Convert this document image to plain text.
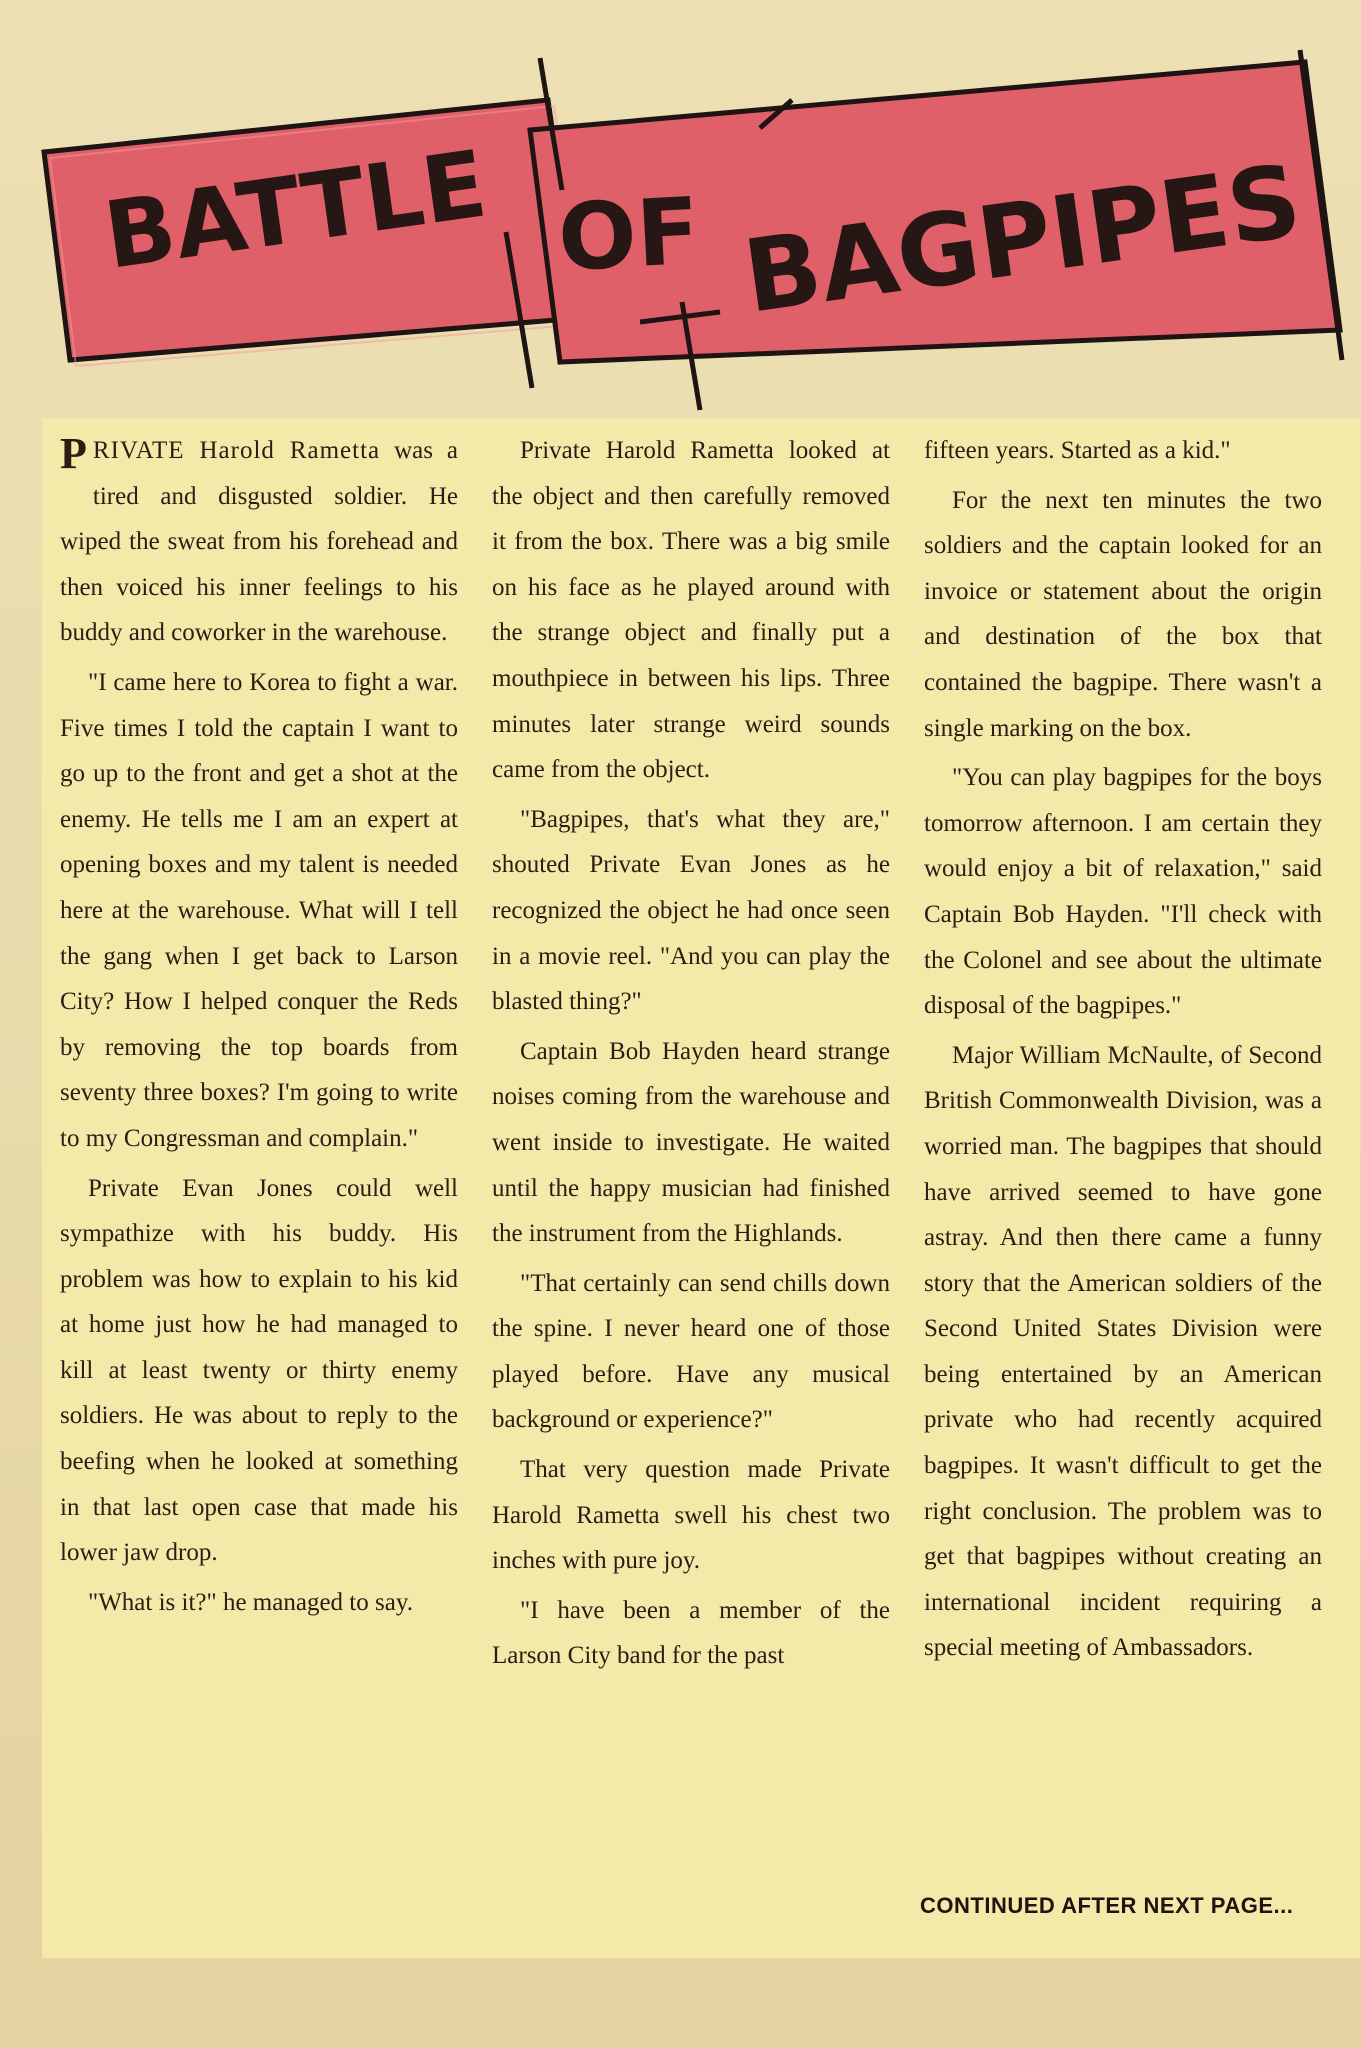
BATTLE OF BAGPIPES

P RIVATE Harold Rametta was a tired and disgusted soldier. He wiped the sweat from his forehead and then voiced his inner feelings to his buddy and coworker in the warehouse.

"I came here to Korea to fight a war. Five times I told the captain I want to go up to the front and get a shot at the enemy. He tells me I am an expert at opening boxes and my talent is needed here at the warehouse. What will I tell the gang when I get back to Larson City? How I helped conquer the Reds by removing the top boards from seventy three boxes? I'm going to write to my Congressman and complain."

Private Evan Jones could well sympathize with his buddy. His problem was how to explain to his kid at home just how he had managed to kill at least twenty or thirty enemy soldiers. He was about to reply to the beefing when he looked at something in that last open case that made his lower jaw drop.

"What is it?" he managed to say.

Private Harold Rametta looked at the object and then carefully removed it from the box. There was a big smile on his face as he played around with the strange object and finally put a mouthpiece in between his lips. Three minutes later strange weird sounds came from the object.

"Bagpipes, that's what they are," shouted Private Evan Jones as he recognized the object he had once seen in a movie reel. "And you can play the blasted thing?"

Captain Bob Hayden heard strange noises coming from the warehouse and went inside to investigate. He waited until the happy musician had finished the instrument from the Highlands.

"That certainly can send chills down the spine. I never heard one of those played before. Have any musical background or experience?"

That very question made Private Harold Rametta swell his chest two inches with pure joy.

"I have been a member of the Larson City band for the past

fifteen years. Started as a kid."

For the next ten minutes the two soldiers and the captain looked for an invoice or statement about the origin and destination of the box that contained the bagpipe. There wasn't a single marking on the box.

"You can play bagpipes for the boys tomorrow afternoon. I am certain they would enjoy a bit of relaxation," said Captain Bob Hayden. "I'll check with the Colonel and see about the ultimate disposal of the bagpipes."

Major William McNaulte, of Second British Commonwealth Division, was a worried man. The bagpipes that should have arrived seemed to have gone astray. And then there came a funny story that the American soldiers of the Second United States Division were being entertained by an American private who had recently acquired bagpipes. It wasn't difficult to get the right conclusion. The problem was to get that bagpipes without creating an international incident requiring a special meeting of Ambassadors.

CONTINUED AFTER NEXT PAGE...
